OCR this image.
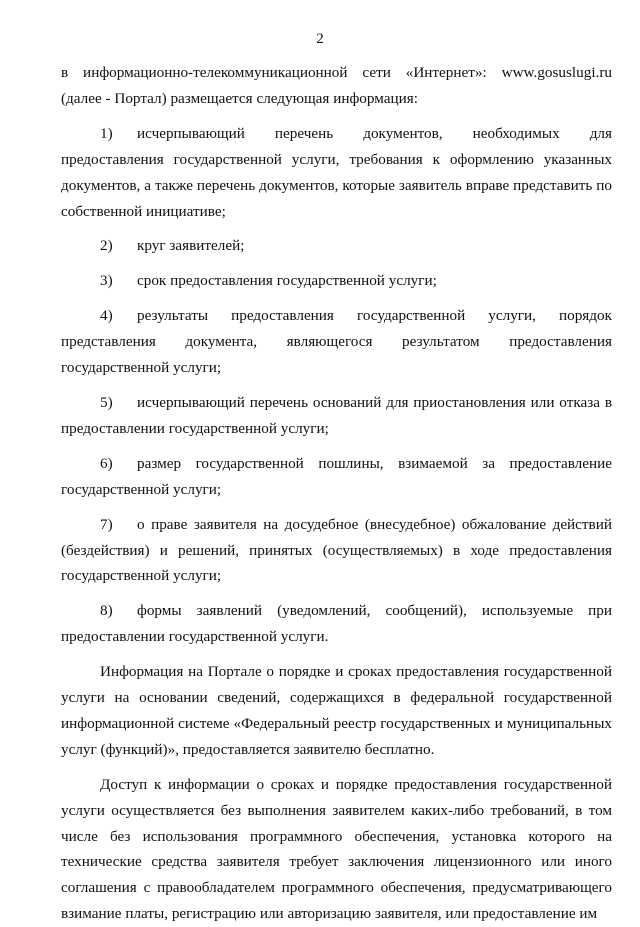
2

в информационно-телекоммуникационной сети «Интернет»: www.gosuslugi.ru (далее - Портал) размещается следующая информация:

1) исчерпывающий перечень документов, необходимых для предоставления государственной услуги, требования к оформлению указанных документов, а также перечень документов, которые заявитель вправе представить по собственной инициативе;

2) круг заявителей;

3) срок предоставления государственной услуги;

4) результаты предоставления государственной услуги, порядок представления документа, являющегося результатом предоставления государственной услуги;

5) исчерпывающий перечень оснований для приостановления или отказа в предоставлении государственной услуги;

6) размер государственной пошлины, взимаемой за предоставление государственной услуги;

7) о праве заявителя на досудебное (внесудебное) обжалование действий (бездействия) и решений, принятых (осуществляемых) в ходе предоставления государственной услуги;

8) формы заявлений (уведомлений, сообщений), используемые при предоставлении государственной услуги.

Информация на Портале о порядке и сроках предоставления государственной услуги на основании сведений, содержащихся в федеральной государственной информационной системе «Федеральный реестр государственных и муниципальных услуг (функций)», предоставляется заявителю бесплатно.

Доступ к информации о сроках и порядке предоставления государственной услуги осуществляется без выполнения заявителем каких-либо требований, в том числе без использования программного обеспечения, установка которого на технические средства заявителя требует заключения лицензионного или иного соглашения с правообладателем программного обеспечения, предусматривающего взимание платы, регистрацию или авторизацию заявителя, или предоставление им
